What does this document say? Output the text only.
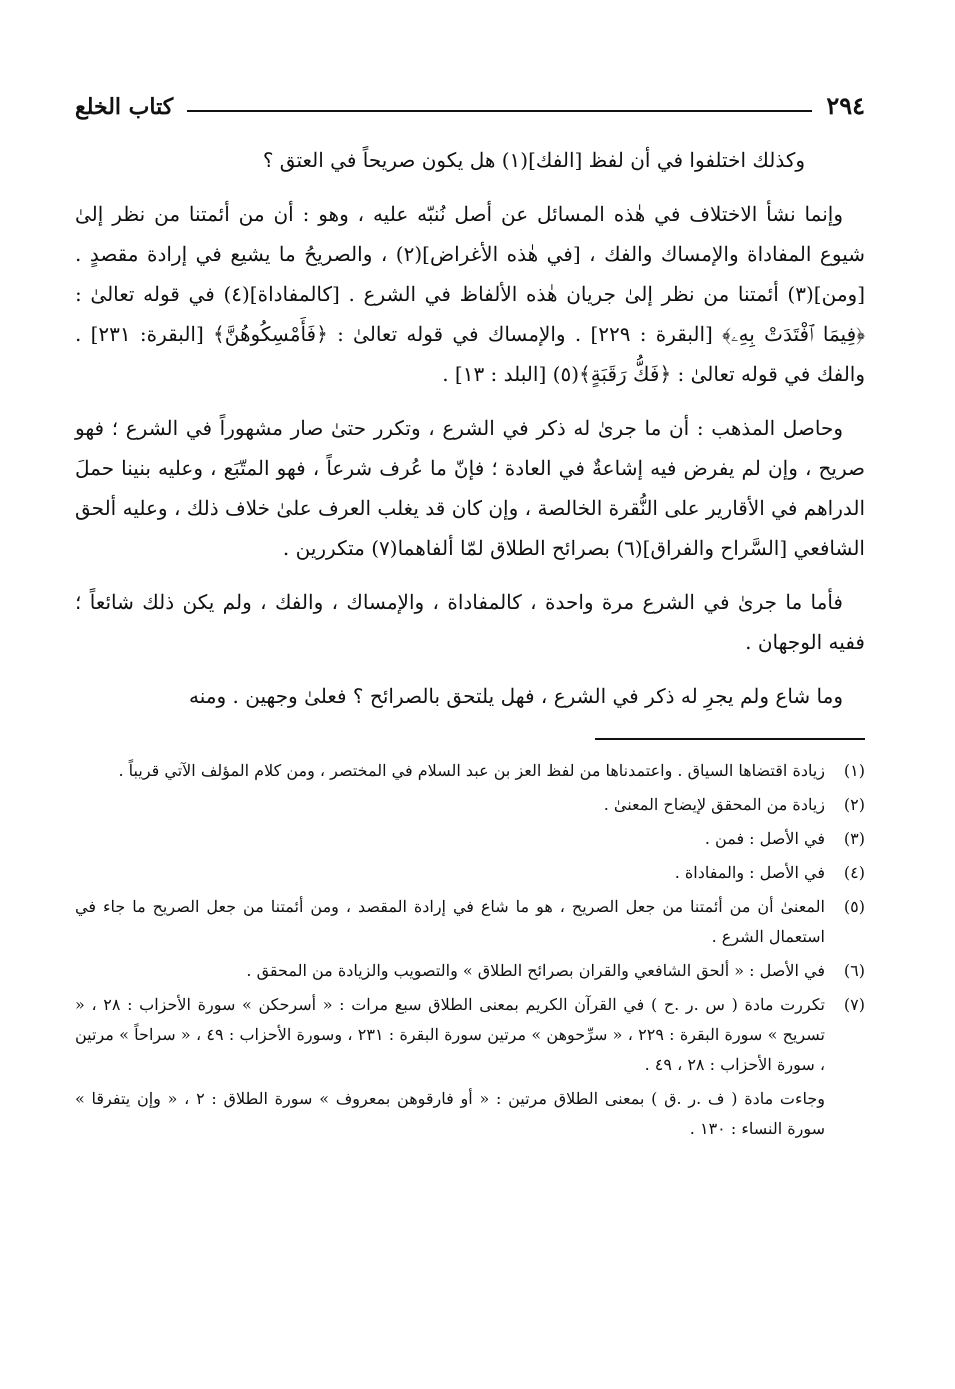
٢٩٤
كتاب الخلع

وكذلك اختلفوا في أن لفظ [الفك](١) هل يكون صريحاً في العتق ؟

وإنما نشأ الاختلاف في هٰذه المسائل عن أصل نُنبّه عليه ، وهو : أن من أئمتنا من نظر إلىٰ شيوع المفاداة والإمساك والفك ، [في هٰذه الأغراض](٢) ، والصريحُ ما يشيع في إرادة مقصدٍ . [ومن](٣) أئمتنا من نظر إلىٰ جريان هٰذه الألفاظ في الشرع . [كالمفاداة](٤) في قوله تعالىٰ : ﴿فِيمَا ٱفْتَدَتْ بِهِۦ﴾ [البقرة : ٢٢٩] . والإمساك في قوله تعالىٰ : ﴿فَأَمْسِكُوهُنَّ﴾ [البقرة: ٢٣١] . والفك في قوله تعالىٰ : ﴿فَكُّ رَقَبَةٍ﴾(٥) [البلد : ١٣] .

وحاصل المذهب : أن ما جرىٰ له ذكر في الشرع ، وتكرر حتىٰ صار مشهوراً في الشرع ؛ فهو صريح ، وإن لم يفرض فيه إشاعةٌ في العادة ؛ فإنّ ما عُرف شرعاً ، فهو المتّبَع ، وعليه بنينا حملَ الدراهم في الأقارير على النُّقرة الخالصة ، وإن كان قد يغلب العرف علىٰ خلاف ذلك ، وعليه ألحق الشافعي [السَّراح والفراق](٦) بصرائح الطلاق لمّا ألفاهما(٧) متكررين .

فأما ما جرىٰ في الشرع مرة واحدة ، كالمفاداة ، والإمساك ، والفك ، ولم يكن ذلك شائعاً ؛ ففيه الوجهان .

وما شاع ولم يجرِ له ذكر في الشرع ، فهل يلتحق بالصرائح ؟ فعلىٰ وجهين . ومنه

(١)
زيادة اقتضاها السياق . واعتمدناها من لفظ العز بن عبد السلام في المختصر ، ومن كلام المؤلف الآتي قريباً .
(٢)
زيادة من المحقق لإيضاح المعنىٰ .
(٣)
في الأصل : فمن .
(٤)
في الأصل : والمفاداة .
(٥)
المعنىٰ أن من أئمتنا من جعل الصريح ، هو ما شاع في إرادة المقصد ، ومن أئمتنا من جعل الصريح ما جاء في استعمال الشرع .
(٦)
في الأصل : « ألحق الشافعي والقران بصرائح الطلاق » والتصويب والزيادة من المحقق .
(٧)
تكررت مادة ( س .ر .ح ) في القرآن الكريم بمعنى الطلاق سبع مرات : « أسرحكن » سورة الأحزاب : ٢٨ ، « تسريح » سورة البقرة : ٢٢٩ ، « سرِّحوهن » مرتين سورة البقرة : ٢٣١ ، وسورة الأحزاب : ٤٩ ، « سراحاً » مرتين ، سورة الأحزاب : ٢٨ ، ٤٩ .
وجاءت مادة ( ف .ر .ق ) بمعنى الطلاق مرتين : « أو فارقوهن بمعروف » سورة الطلاق : ٢ ، « وإن يتفرقا » سورة النساء : ١٣٠ .
